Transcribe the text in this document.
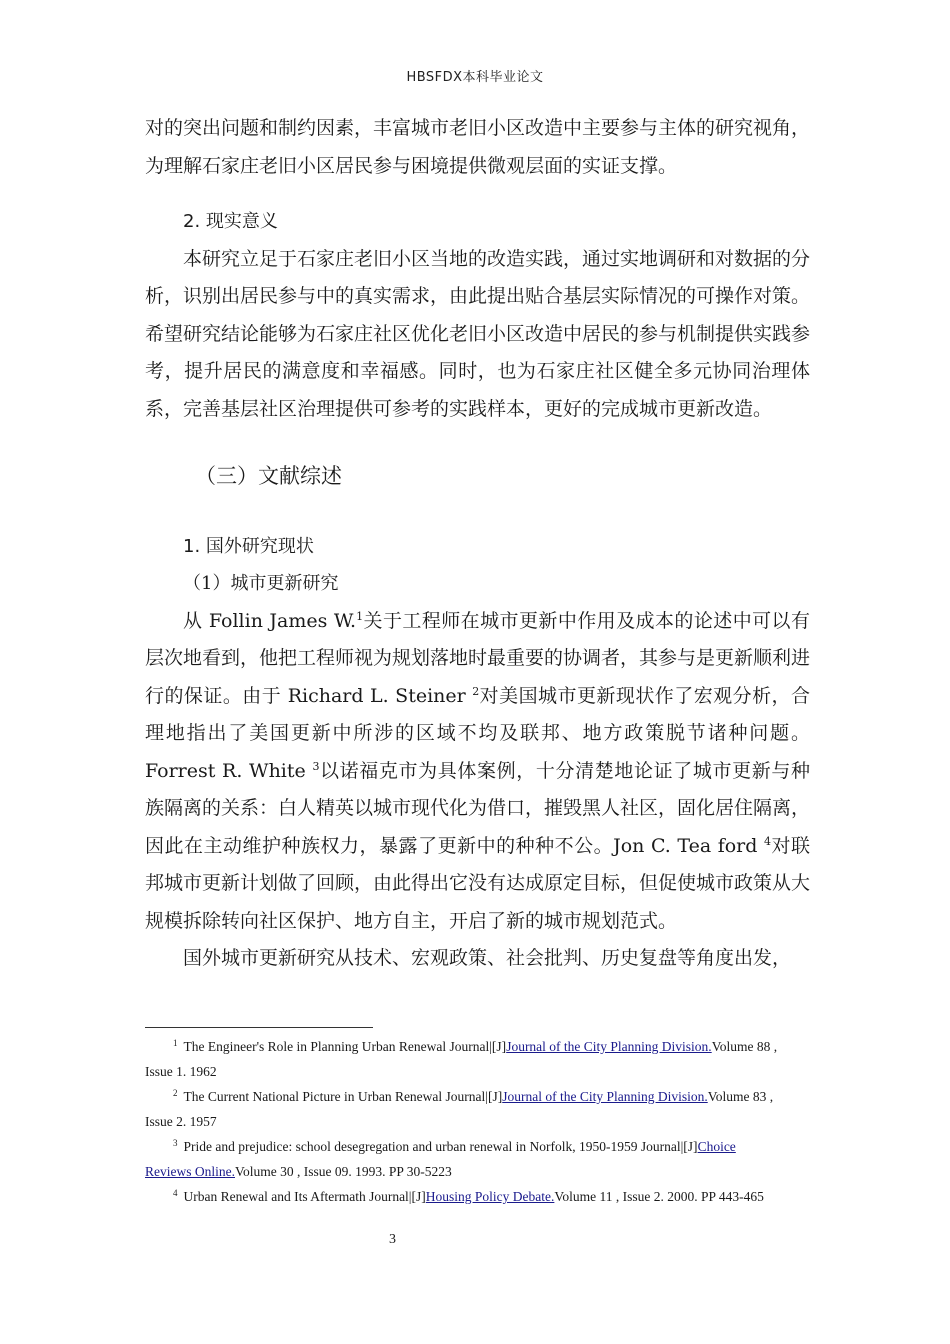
HBSFDX本科毕业论文

对的突出问题和制约因素，丰富城市老旧小区改造中主要参与主体的研究视角，为理解石家庄老旧小区居民参与困境提供微观层面的实证支撑。

2. 现实意义

本研究立足于石家庄老旧小区当地的改造实践，通过实地调研和对数据的分析，识别出居民参与中的真实需求，由此提出贴合基层实际情况的可操作对策。希望研究结论能够为石家庄社区优化老旧小区改造中居民的参与机制提供实践参考，提升居民的满意度和幸福感。同时，也为石家庄社区健全多元协同治理体系，完善基层社区治理提供可参考的实践样本，更好的完成城市更新改造。

（三）文献综述

1. 国外研究现状

（1）城市更新研究

从 Follin James W.$^1$关于工程师在城市更新中作用及成本的论述中可以有层次地看到，他把工程师视为规划落地时最重要的协调者，其参与是更新顺利进行的保证。由于 Richard L. Steiner $^2$对美国城市更新现状作了宏观分析，合理地指出了美国更新中所涉的区域不均及联邦、地方政策脱节诸种问题。Forrest R. White $^3$以诺福克市为具体案例，十分清楚地论证了城市更新与种族隔离的关系：白人精英以城市现代化为借口，摧毁黑人社区，固化居住隔离，因此在主动维护种族权力，暴露了更新中的种种不公。Jon C. Tea ford $^4$对联邦城市更新计划做了回顾，由此得出它没有达成原定目标，但促使城市政策从大规模拆除转向社区保护、地方自主，开启了新的城市规划范式。

国外城市更新研究从技术、宏观政策、社会批判、历史复盘等角度出发，

$^1$ The Engineer's Role in Planning Urban Renewal Journal|[J]Journal of the City Planning Division.Volume 88 , Issue 1. 1962

$^2$ The Current National Picture in Urban Renewal Journal|[J]Journal of the City Planning Division.Volume 83 , Issue 2. 1957

$^3$ Pride and prejudice: school desegregation and urban renewal in Norfolk, 1950-1959 Journal|[J]Choice Reviews Online.Volume 30 , Issue 09. 1993. PP 30-5223

$^4$ Urban Renewal and Its Aftermath Journal|[J]Housing Policy Debate.Volume 11 , Issue 2. 2000. PP 443-465

3
